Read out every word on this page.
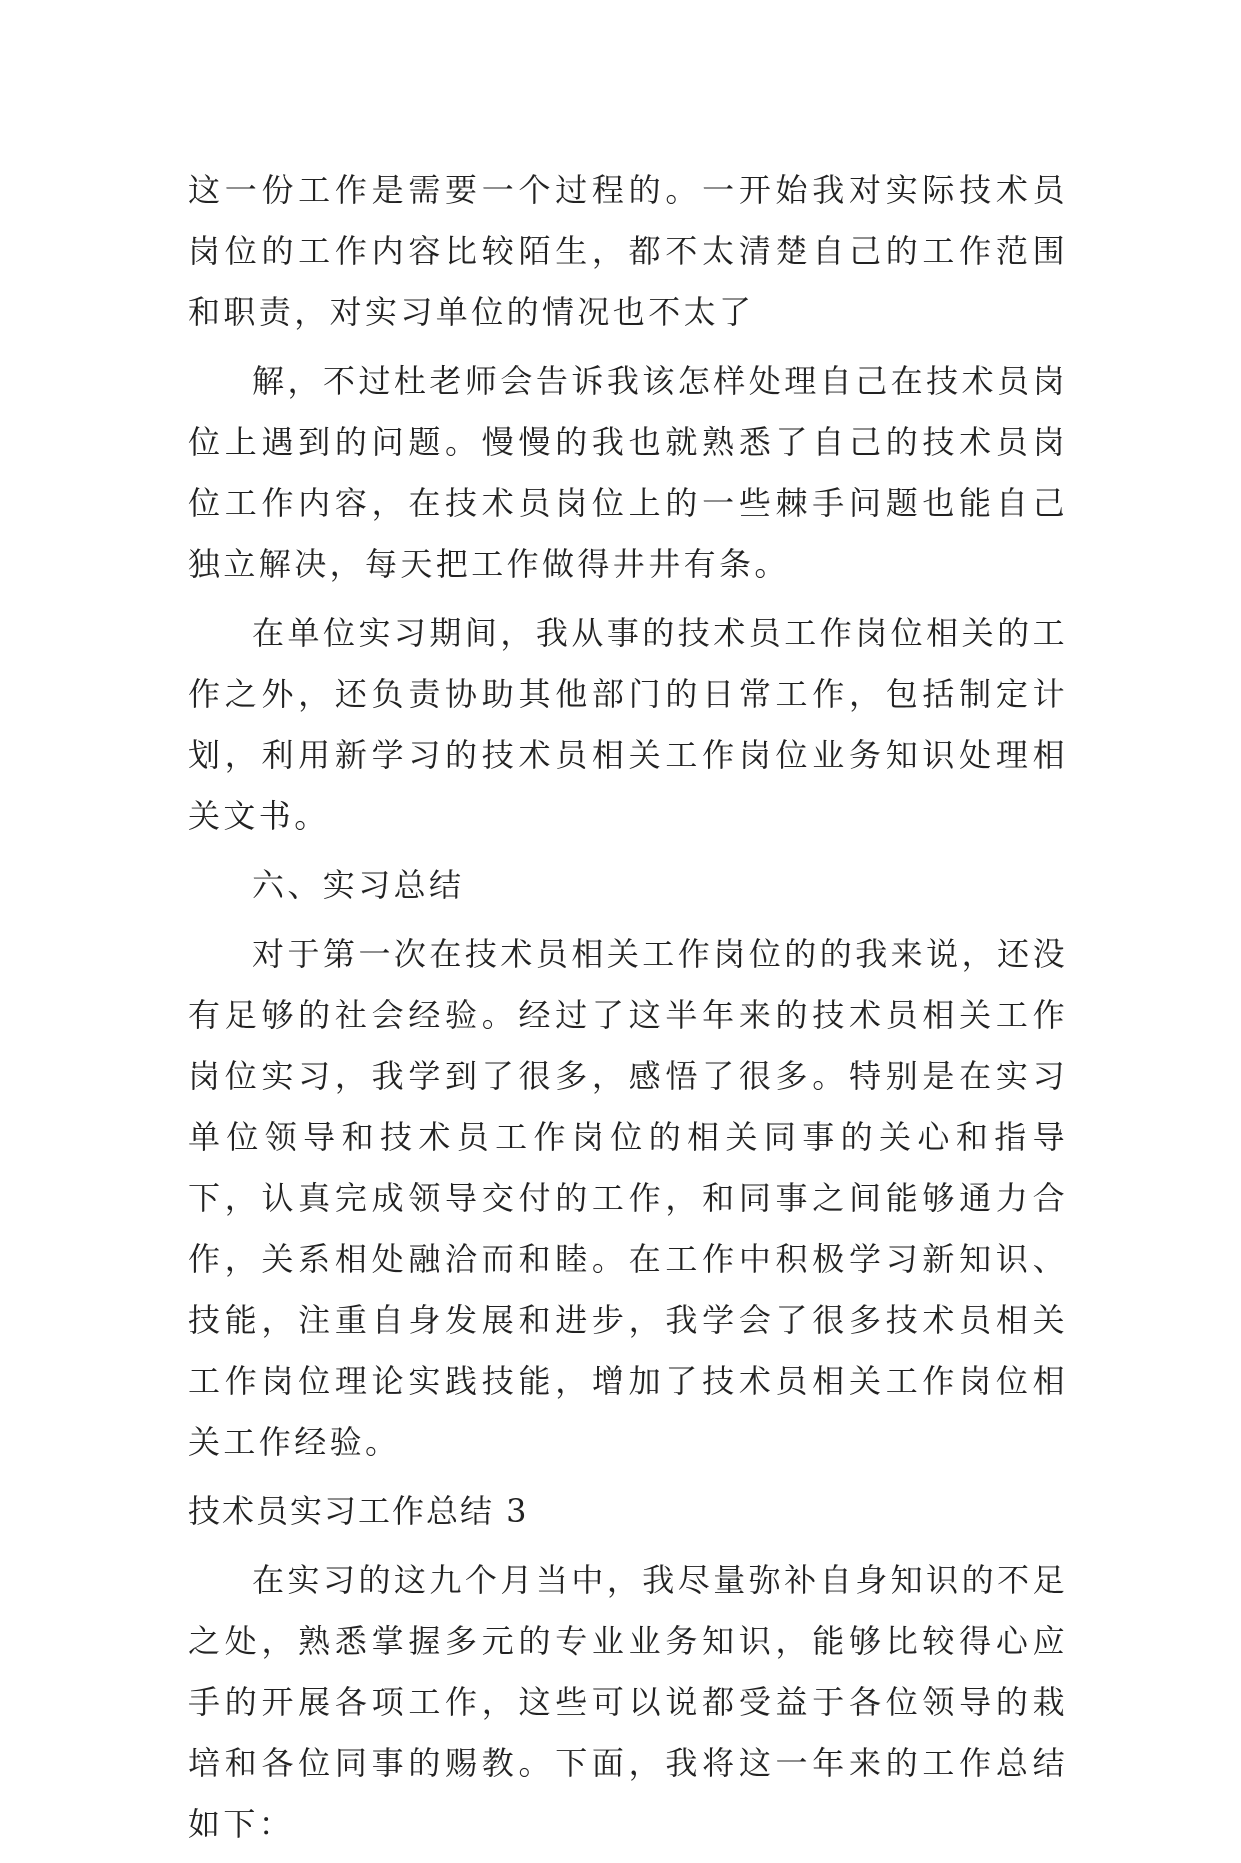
这一份工作是需要一个过程的。一开始我对实际技术员岗位的工作内容比较陌生，都不太清楚自己的工作范围和职责，对实习单位的情况也不太了

解，不过杜老师会告诉我该怎样处理自己在技术员岗位上遇到的问题。慢慢的我也就熟悉了自己的技术员岗位工作内容，在技术员岗位上的一些棘手问题也能自己独立解决，每天把工作做得井井有条。

在单位实习期间，我从事的技术员工作岗位相关的工作之外，还负责协助其他部门的日常工作，包括制定计划，利用新学习的技术员相关工作岗位业务知识处理相关文书。

六、实习总结

对于第一次在技术员相关工作岗位的的我来说，还没有足够的社会经验。经过了这半年来的技术员相关工作岗位实习，我学到了很多，感悟了很多。特别是在实习单位领导和技术员工作岗位的相关同事的关心和指导下，认真完成领导交付的工作，和同事之间能够通力合作，关系相处融洽而和睦。在工作中积极学习新知识、技能，注重自身发展和进步，我学会了很多技术员相关工作岗位理论实践技能，增加了技术员相关工作岗位相关工作经验。

技术员实习工作总结 3

在实习的这九个月当中，我尽量弥补自身知识的不足之处，熟悉掌握多元的专业业务知识，能够比较得心应手的开展各项工作，这些可以说都受益于各位领导的栽培和各位同事的赐教。下面，我将这一年来的工作总结如下：
